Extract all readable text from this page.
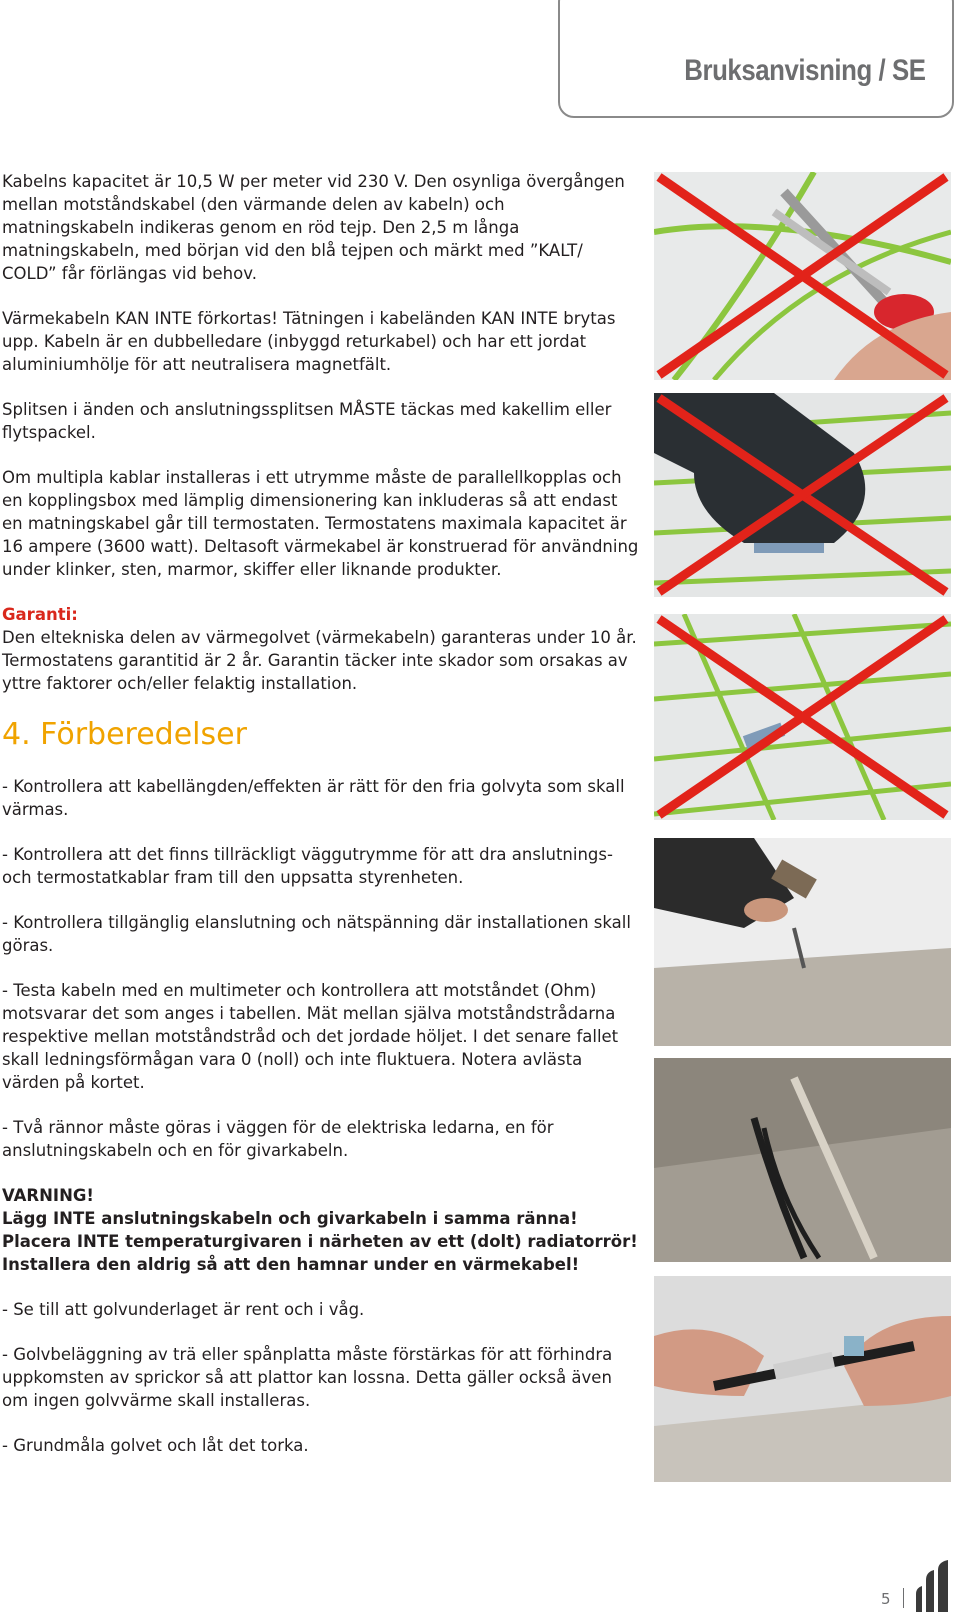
Bruksanvisning / SE

Kabelns kapacitet är 10,5 W per meter vid 230 V. Den osynliga övergången mellan motståndskabel (den värmande delen av kabeln) och matningskabeln indikeras genom en röd tejp. Den 2,5 m långa matningskabeln, med början vid den blå tejpen och märkt med ”KALT/ COLD” får förlängas vid behov.

Värmekabeln KAN INTE förkortas! Tätningen i kabeländen KAN INTE brytas upp. Kabeln är en dubbelledare (inbyggd returkabel) och har ett jordat aluminiumhölje för att neutralisera magnetfält.

Splitsen i änden och anslutningssplitsen MÅSTE täckas med kakellim eller flytspackel.

Om multipla kablar installeras i ett utrymme måste de parallellkopplas och en kopplingsbox med lämplig dimensionering kan inkluderas så att endast en matningskabel går till termostaten. Termostatens maximala kapacitet är 16 ampere (3600 watt). Deltasoft värmekabel är konstruerad för användning under klinker, sten, marmor, skiffer eller liknande produkter.

Garanti:
Den eltekniska delen av värmegolvet (värmekabeln) garanteras under 10 år. Termostatens garantitid är 2 år. Garantin täcker inte skador som orsakas av yttre faktorer och/eller felaktig installation.

4. Förberedelser

- Kontrollera att kabellängden/effekten är rätt för den fria golvyta som skall värmas.

- Kontrollera att det finns tillräckligt väggutrymme för att dra anslutnings- och termostatkablar fram till den uppsatta styrenheten.

- Kontrollera tillgänglig elanslutning och nätspänning där installationen skall göras.

- Testa kabeln med en multimeter och kontrollera att motståndet (Ohm) motsvarar det som anges i tabellen. Mät mellan själva motståndstrådarna respektive mellan motståndstråd och det jordade höljet. I det senare fallet skall ledningsförmågan vara 0 (noll) och inte fluktuera. Notera avlästa värden på kortet.

- Två rännor måste göras i väggen för de elektriska ledarna, en för anslutningskabeln och en för givarkabeln.

VARNING!
Lägg INTE anslutningskabeln och givarkabeln i samma ränna!
Placera INTE temperaturgivaren i närheten av ett (dolt) radiatorrör!
Installera den aldrig så att den hamnar under en värmekabel!

- Se till att golvunderlaget är rent och i våg.

- Golvbeläggning av trä eller spånplatta måste förstärkas för att förhindra uppkomsten av sprickor så att plattor kan lossna. Detta gäller också även om ingen golvvärme skall installeras.

- Grundmåla golvet och låt det torka.

5
